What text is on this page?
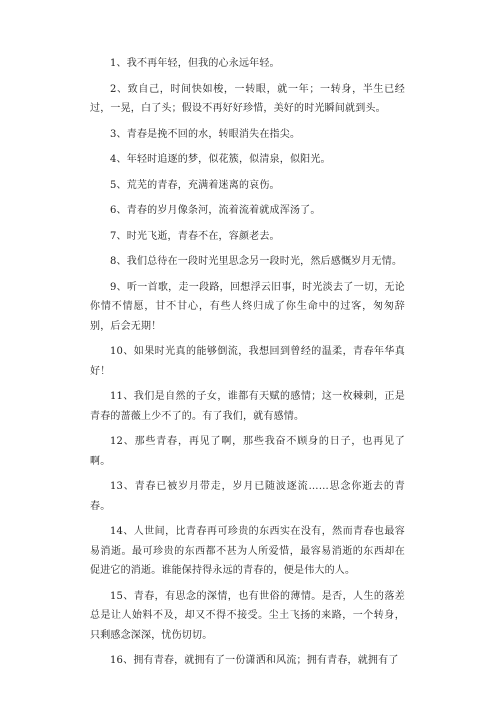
1、我不再年轻，但我的心永远年轻。

2、致自己，时间快如梭，一转眼，就一年；一转身，半生已经过，一晃，白了头；假设不再好好珍惜，美好的时光瞬间就到头。

3、青春是挽不回的水，转眼消失在指尖。

4、年轻时追逐的梦，似花簇，似清泉，似阳光。

5、荒芜的青春，充满着迷离的哀伤。

6、青春的岁月像条河，流着流着就成浑汤了。

7、时光飞逝，青春不在，容颜老去。

8、我们总待在一段时光里思念另一段时光，然后感慨岁月无情。

9、听一首歌，走一段路，回想浮云旧事，时光淡去了一切，无论你情不情愿，甘不甘心，有些人终归成了你生命中的过客，匆匆辞别，后会无期！

10、如果时光真的能够倒流，我想回到曾经的温柔，青春年华真好！

11、我们是自然的子女，谁都有天赋的感情；这一枚棘刺，正是青春的蔷薇上少不了的。有了我们，就有感情。

12、那些青春，再见了啊，那些我奋不顾身的日子，也再见了啊。

13、青春已被岁月带走，岁月已随波逐流……思念你逝去的青春。

14、人世间，比青春再可珍贵的东西实在没有，然而青春也最容易消逝。最可珍贵的东西都不甚为人所爱惜，最容易消逝的东西却在促进它的消逝。谁能保持得永远的青春的，便是伟大的人。

15、青春，有思念的深情，也有世俗的薄情。是否，人生的落差总是让人始料不及，却又不得不接受。尘土飞扬的来路，一个转身，只剩感念深深，忧伤切切。

16、拥有青春，就拥有了一份潇洒和风流；拥有青春，就拥有了
